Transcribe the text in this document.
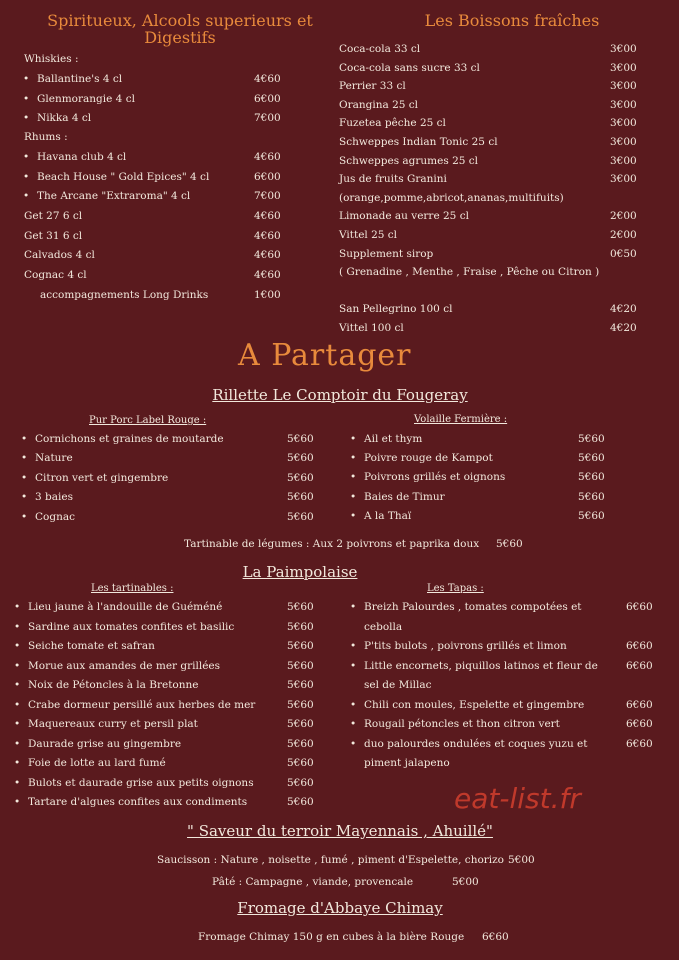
Spiritueux, Alcools superieurs et Digestifs
Whiskies :
• Ballantine's 4 cl	4€60
• Glenmorangie 4 cl	6€00
• Nikka 4 cl	7€00
Rhums :
• Havana club 4 cl	4€60
• Beach House " Gold Epices" 4 cl	6€00
• The Arcane "Extraroma" 4 cl	7€00
Get 27 6 cl	4€60
Get 31 6 cl	4€60
Calvados 4 cl	4€60
Cognac 4 cl	4€60
accompagnements Long Drinks	1€00
Les Boissons fraîches
Coca-cola 33 cl	3€00
Coca-cola sans sucre 33 cl	3€00
Perrier 33 cl	3€00
Orangina 25 cl	3€00
Fuzetea pêche 25 cl	3€00
Schweppes Indian Tonic 25 cl	3€00
Schweppes agrumes 25 cl	3€00
Jus de fruits Granini	3€00
(orange,pomme,abricot,ananas,multifuits)
Limonade au verre 25 cl	2€00
Vittel 25 cl	2€00
Supplement sirop	0€50
( Grenadine , Menthe , Fraise , Pêche ou Citron )
San Pellegrino 100 cl	4€20
Vittel 100 cl	4€20
A Partager
Rillette Le Comptoir du Fougeray
Pur Porc Label Rouge :	Volaille Fermière :
• Cornichons et graines de moutarde	5€60
• Nature	5€60
• Citron vert et gingembre	5€60
• 3 baies	5€60
• Cognac	5€60
• Ail et thym	5€60
• Poivre rouge de Kampot	5€60
• Poivrons grillés et oignons	5€60
• Baies de Timur	5€60
• A la Thaï	5€60
Tartinable de légumes : Aux 2 poivrons et paprika doux 5€60
La Paimpolaise
Les tartinables :	Les Tapas :
• Lieu jaune à l'andouille de Guéméné	5€60
• Sardine aux tomates confites et basilic	5€60
• Seiche tomate et safran	5€60
• Morue aux amandes de mer grillées	5€60
• Noix de Pétoncles à la Bretonne	5€60
• Crabe dormeur persillé aux herbes de mer	5€60
• Maquereaux curry et persil plat	5€60
• Daurade grise au gingembre	5€60
• Foie de lotte au lard fumé	5€60
• Bulots et daurade grise aux petits oignons	5€60
• Tartare d'algues confites aux condiments	5€60
• Breizh Palourdes , tomates compotées et	6€60
cebolla
• P'tits bulots , poivrons grillés et limon	6€60
• Little encornets, piquillos latinos et fleur de	6€60
sel de Millac
• Chili con moules, Espelette et gingembre	6€60
• Rougail pétoncles et thon citron vert	6€60
• duo palourdes ondulées et coques yuzu et	6€60
piment jalapeno
eat-list.fr
" Saveur du terroir Mayennais , Ahuillé"
Saucisson : Nature , noisette , fumé , piment d'Espelette, chorizo 5€00
Pâté : Campagne , viande, provencale	5€00
Fromage d'Abbaye Chimay
Fromage Chimay 150 g en cubes à la bière Rouge 6€60
